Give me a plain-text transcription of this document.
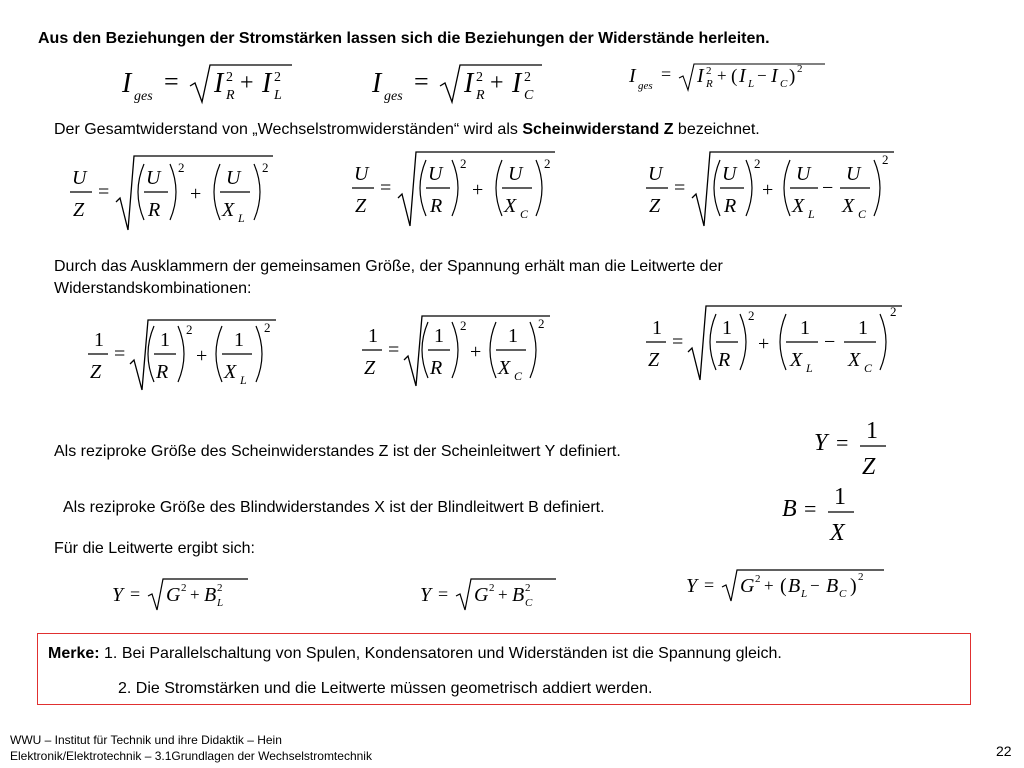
Aus den Beziehungen der Stromstärken lassen sich die Beziehungen der Widerstände herleiten.
I ges
= I 2
R + I 2
L	I ges
= I 2
R + I 2
C
I ges
= I 2
R + ( I L − I C ) 2
Der Gesamtwiderstand von „Wechselstromwiderständen“ wird als Scheinwiderstand Z bezeichnet.
U
Z
=
U
R
2
+
U
X L
2	U
Z
=
U
R
2
+
U
X C
2	U
Z
=
U
R
2
+
U
X L
−
U
X C
2
Durch das Ausklammern der gemeinsamen Größe, der Spannung erhält man die Leitwerte der
Widerstandskombinationen:
1
Z
=
1
R
2
+
1
X L
2	1
Z
=
1
R
2
+
1
X C
2	1
Z
=
1
R
2
+
1
X L
−
1
X C
2
Als reziproke Größe des Scheinwiderstandes Z ist der Scheinleitwert Y definiert.	Y = 1
Z
Als reziproke Größe des Blindwiderstandes X ist der Blindleitwert B definiert.	B = 1
X
Für die Leitwerte ergibt sich:
Y = G 2 + B 2
L	Y = G 2 + B 2
C
Y = G 2 + ( B L − B C ) 2
Merke: 1. Bei Parallelschaltung von Spulen, Kondensatoren und Widerständen ist die Spannung gleich.
2. Die Stromstärken und die Leitwerte müssen geometrisch addiert werden.
WWU – Institut für Technik und ihre Didaktik – Hein
Elektronik/Elektrotechnik – 3.1Grundlagen der Wechselstromtechnik	22
